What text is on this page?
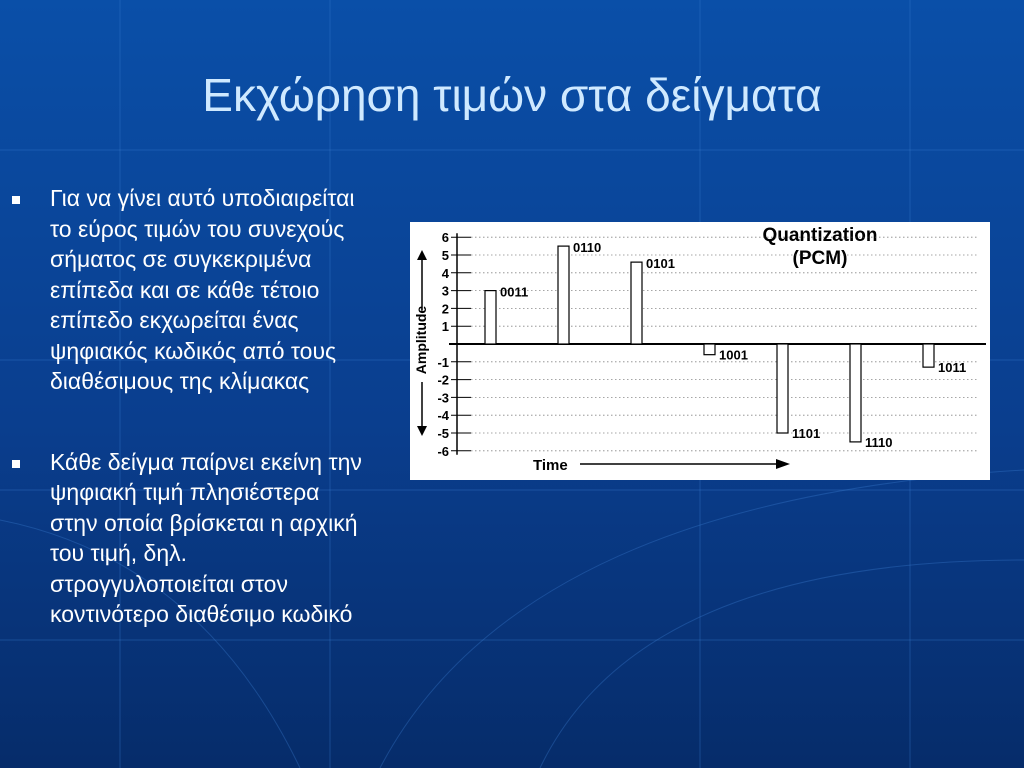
Εκχώρηση τιμών στα δείγματα
Για να γίνει αυτό υποδιαιρείται το εύρος τιμών του συνεχούς σήματος σε συγκεκριμένα επίπεδα και σε κάθε τέτοιο επίπεδο εκχωρείται ένας ψηφιακός κωδικός από τους διαθέσιμους της κλίμακας
Κάθε δείγμα παίρνει εκείνη την ψηφιακή τιμή πλησιέστερα στην οποία βρίσκεται η αρχική του τιμή, δηλ. στρογγυλοποιείται στον κοντινότερο διαθέσιμο κωδικό
Quantization
(PCM)
Amplitude
Time
6
5
4
3
2
1
-1
-2
-3
-4
-5
-6
0011
0110
0101
1001
1101
1110
1011
